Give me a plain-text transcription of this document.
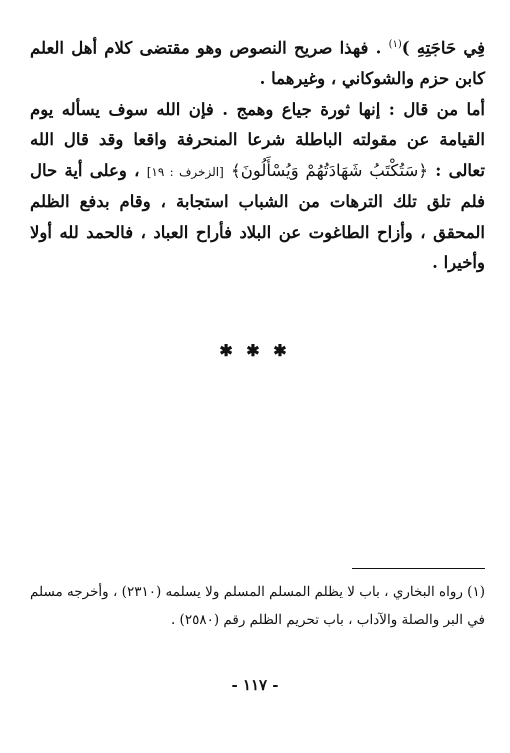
فِي حَاجَتِهِ )$^{(١)}$ . فهذا صريح النصوص وهو مقتضى كلام أهل العلم كابن حزم والشوكاني ، وغيرهما .

أما من قال : إنها ثورة جياع وهمج . فإن الله سوف يسأله يوم القيامة عن مقولته الباطلة شرعا المنحرفة واقعا وقد قال الله تعالى : ﴿سَتُكْتَبُ شَهَادَتُهُمْ وَيُسْأَلُونَ﴾ [الزخرف : ١٩] ، وعلى أية حال فلم تلق تلك الترهات من الشباب استجابة ، وقام بدفع الظلم المحقق ، وأزاح الطاغوت عن البلاد فأراح العباد ، فالحمد لله أولا وأخيرا .

✱ ✱ ✱
(١) رواه البخاري ، باب لا يظلم المسلم المسلم ولا يسلمه (٢٣١٠) ، وأخرجه مسلم في البر والصلة والآداب ، باب تحريم الظلم رقم (٢٥٨٠) .
- ١١٧ -
